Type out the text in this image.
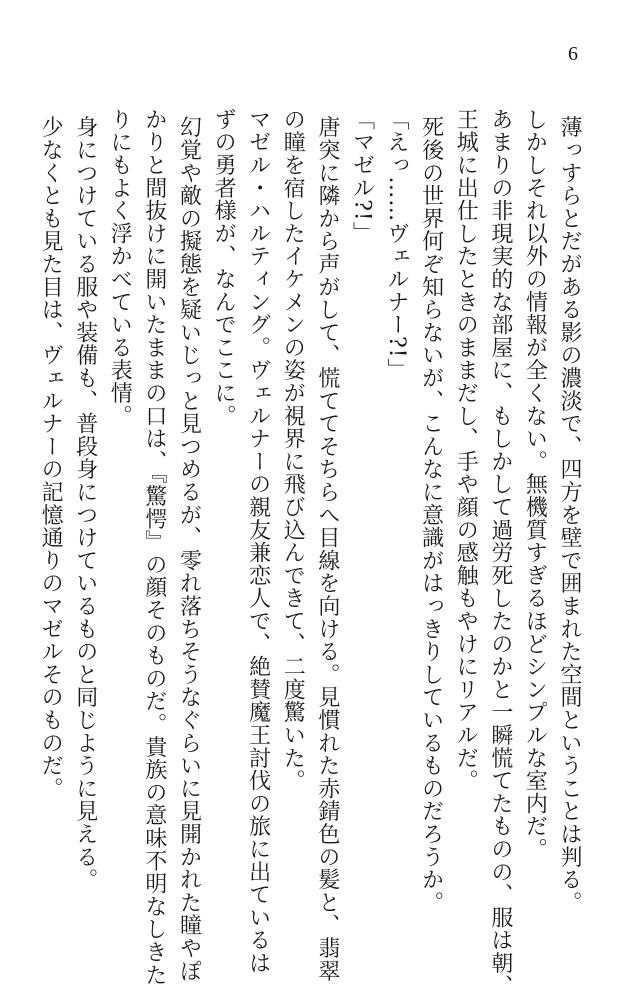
6

薄っすらとだがある影の濃淡で、四方を壁で囲まれた空間ということは判る。

しかしそれ以外の情報が全くない。無機質すぎるほどシンプルな室内だ。

あまりの非現実的な部屋に、もしかして過労死したのかと一瞬慌てたものの、服は朝、

王城に出仕したときのままだし、手や顔の感触もやけにリアルだ。

死後の世界何ぞ知らないが、こんなに意識がはっきりしているものだろうか。

「えっ……ヴェルナー?!」

「マゼル?!」

唐突に隣から声がして、慌ててそちらへ目線を向ける。見慣れた赤錆色の髪と、翡翠

の瞳を宿したイケメンの姿が視界に飛び込んできて、二度驚いた。

マゼル・ハルティング。ヴェルナーの親友兼恋人で、絶賛魔王討伐の旅に出ているは

ずの勇者様が、なんでここに。

幻覚や敵の擬態を疑いじっと見つめるが、零れ落ちそうなぐらいに見開かれた瞳やぽ

かりと間抜けに開いたままの口は、『驚愕』の顔そのものだ。貴族の意味不明なしきた

りにもよく浮かべている表情。

身につけている服や装備も、普段身につけているものと同じように見える。

少なくとも見た目は、ヴェルナーの記憶通りのマゼルそのものだ。
